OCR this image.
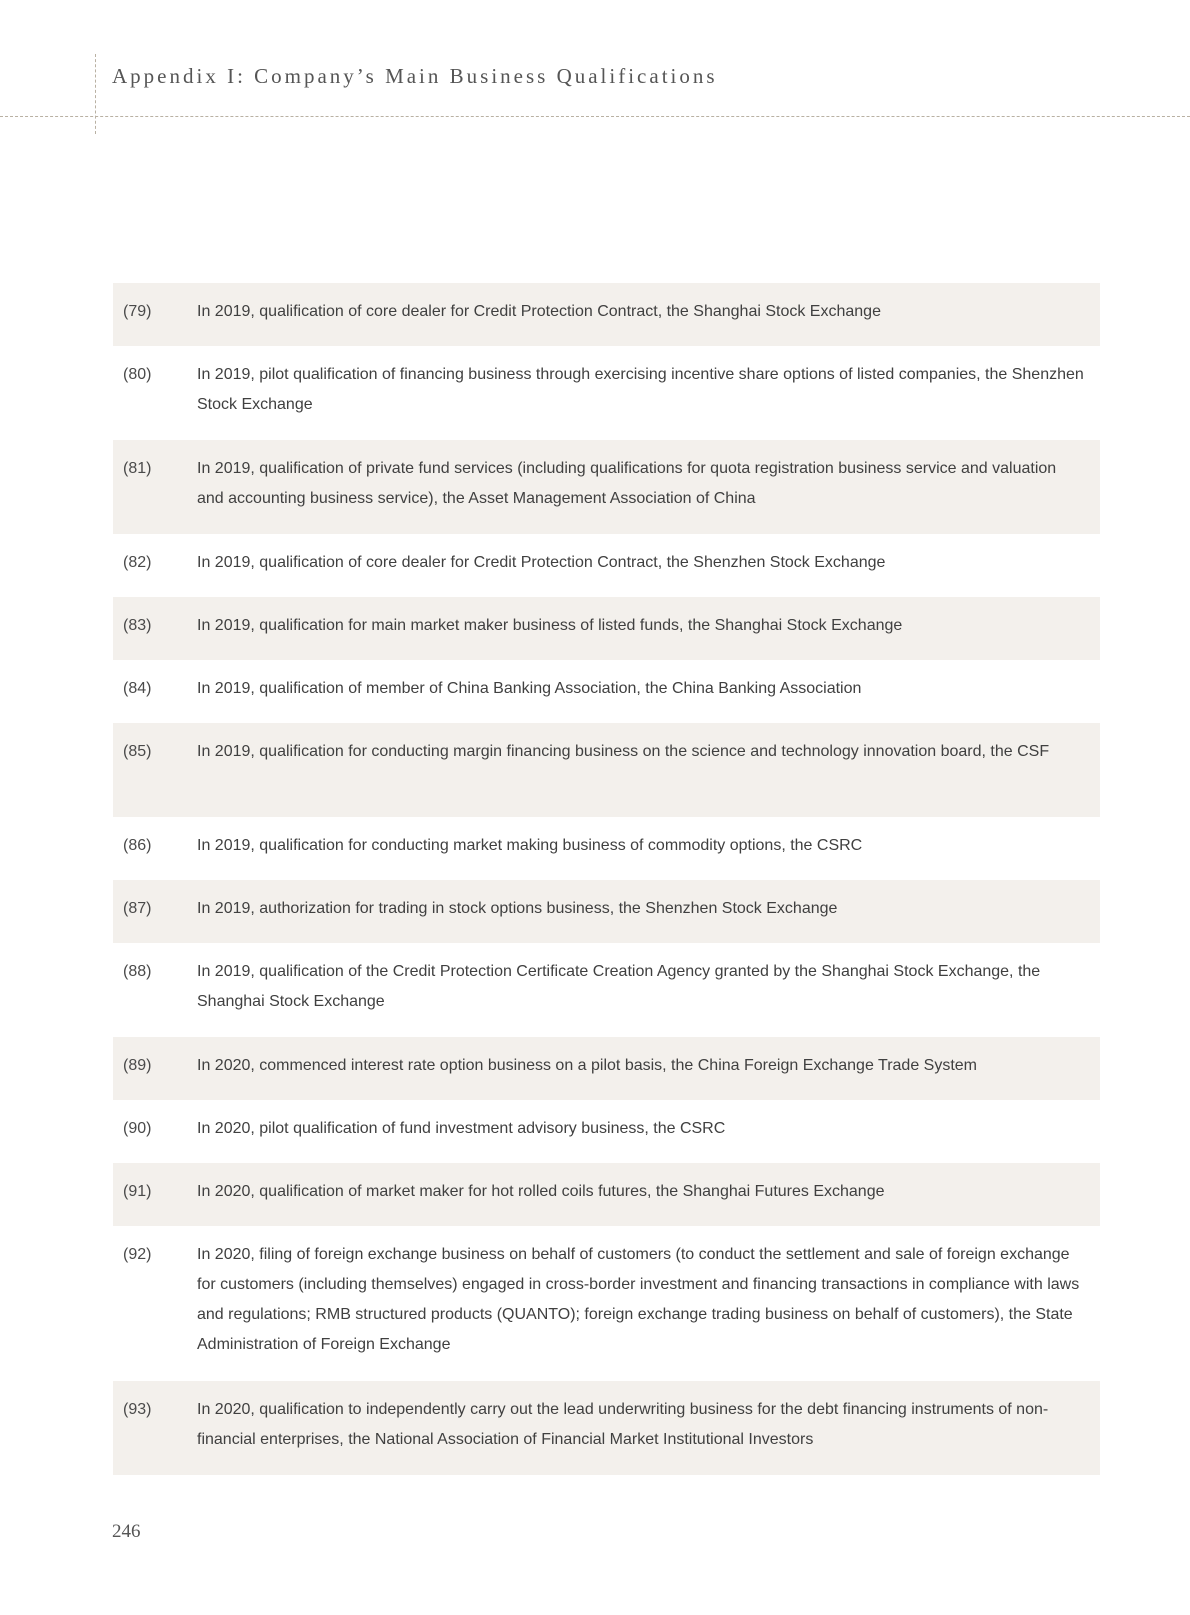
Appendix I: Company’s Main Business Qualifications
(79)	In 2019, qualification of core dealer for Credit Protection Contract, the Shanghai Stock Exchange
(80)	In 2019, pilot qualification of financing business through exercising incentive share options of listed companies, the Shenzhen Stock Exchange
(81)	In 2019, qualification of private fund services (including qualifications for quota registration business service and valuation and accounting business service), the Asset Management Association of China
(82)	In 2019, qualification of core dealer for Credit Protection Contract, the Shenzhen Stock Exchange
(83)	In 2019, qualification for main market maker business of listed funds, the Shanghai Stock Exchange
(84)	In 2019, qualification of member of China Banking Association, the China Banking Association
(85)	In 2019, qualification for conducting margin financing business on the science and technology innovation board, the CSF
(86)	In 2019, qualification for conducting market making business of commodity options, the CSRC
(87)	In 2019, authorization for trading in stock options business, the Shenzhen Stock Exchange
(88)	In 2019, qualification of the Credit Protection Certificate Creation Agency granted by the Shanghai Stock Exchange, the Shanghai Stock Exchange
(89)	In 2020, commenced interest rate option business on a pilot basis, the China Foreign Exchange Trade System
(90)	In 2020, pilot qualification of fund investment advisory business, the CSRC
(91)	In 2020, qualification of market maker for hot rolled coils futures, the Shanghai Futures Exchange
(92)	In 2020, filing of foreign exchange business on behalf of customers (to conduct the settlement and sale of foreign exchange for customers (including themselves) engaged in cross-border investment and financing transactions in compliance with laws and regulations; RMB structured products (QUANTO); foreign exchange trading business on behalf of customers), the State Administration of Foreign Exchange
(93)	In 2020, qualification to independently carry out the lead underwriting business for the debt financing instruments of non-financial enterprises, the National Association of Financial Market Institutional Investors
246
